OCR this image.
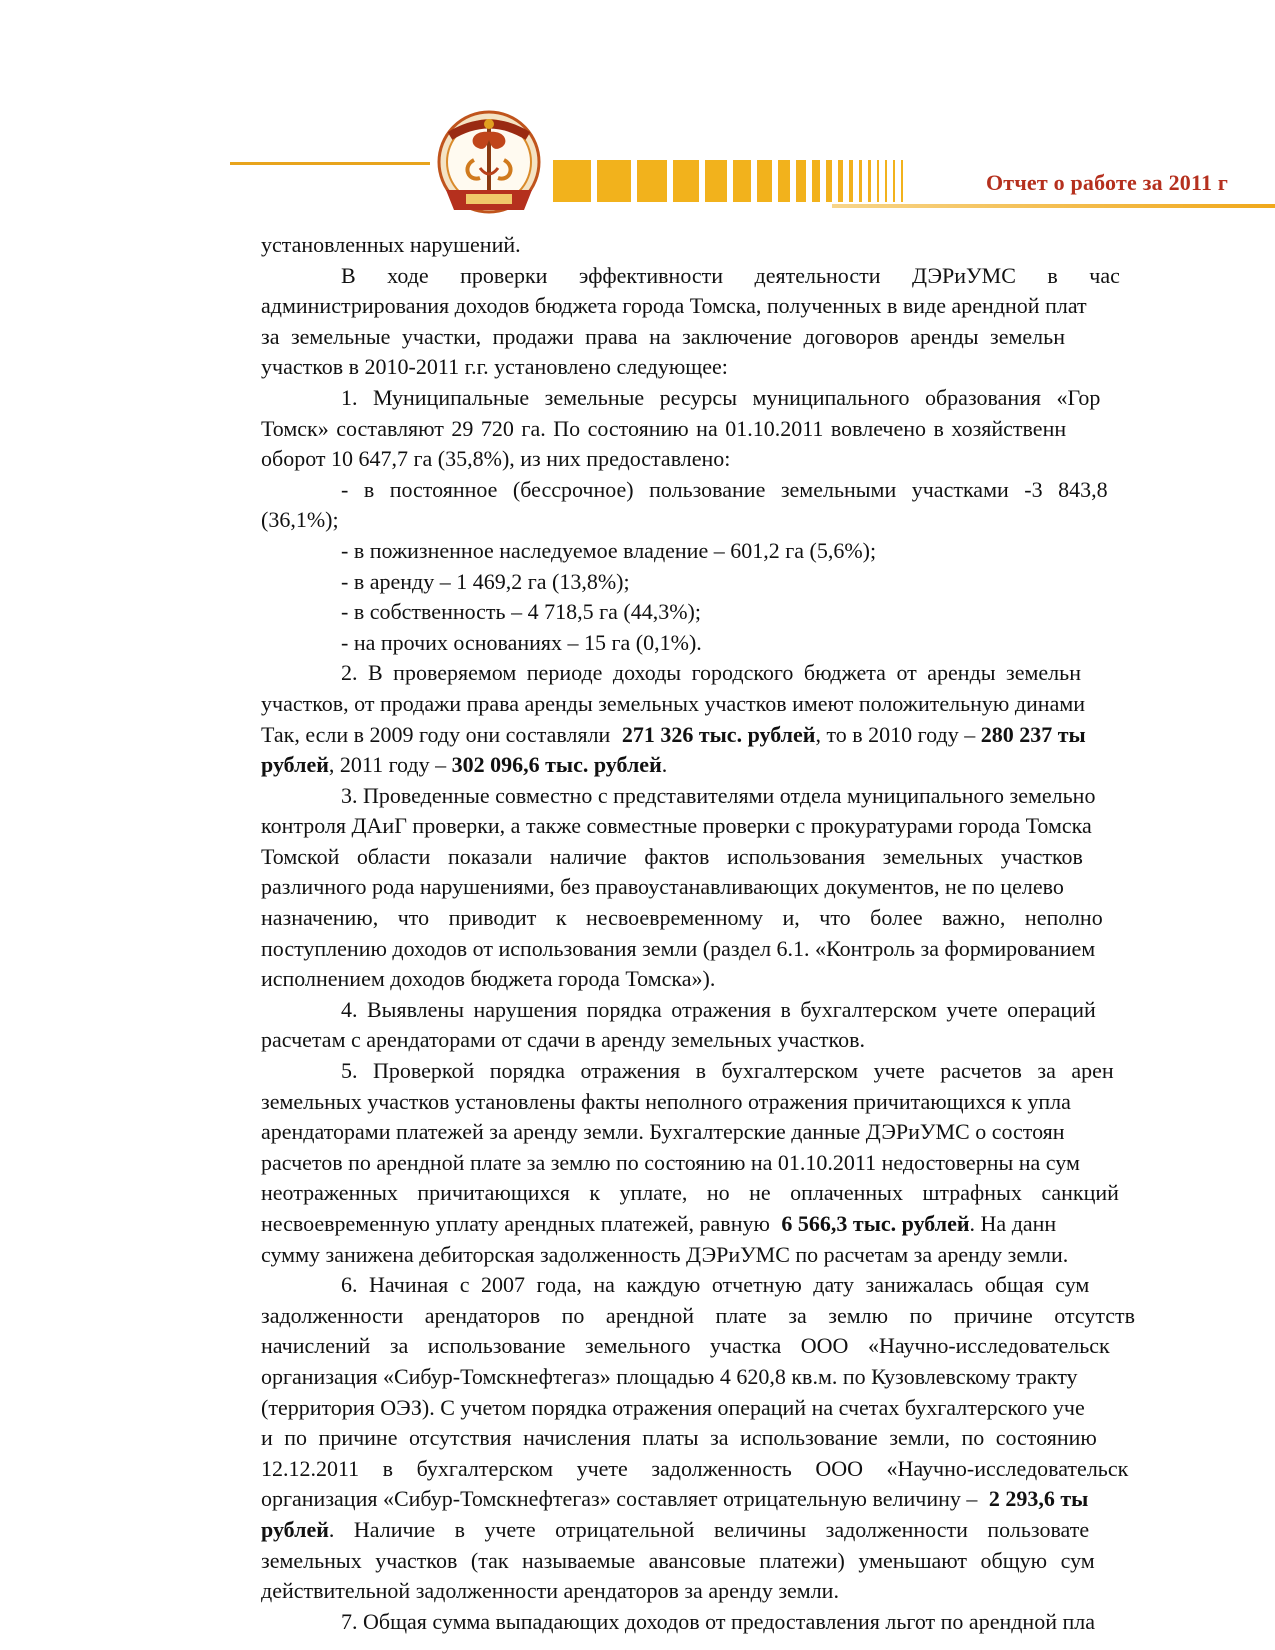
Отчет о работе за 2011 г
установленных нарушений.
В ходе проверки эффективности деятельности ДЭРиУМС в час
администрирования доходов бюджета города Томска, полученных в виде арендной плат
за земельные участки, продажи права на заключение договоров аренды земельн
участков в 2010-2011 г.г. установлено следующее:
1. Муниципальные земельные ресурсы муниципального образования «Гор
Томск» составляют 29 720 га. По состоянию на 01.10.2011 вовлечено в хозяйственн
оборот 10 647,7 га (35,8%), из них предоставлено:
- в постоянное (бессрочное) пользование земельными участками -3 843,8
(36,1%);
- в пожизненное наследуемое владение – 601,2 га (5,6%);
- в аренду – 1 469,2 га (13,8%);
- в собственность – 4 718,5 га (44,3%);
- на прочих основаниях – 15 га (0,1%).
2. В проверяемом периоде доходы городского бюджета от аренды земельн
участков, от продажи права аренды земельных участков имеют положительную динами
Так, если в 2009 году они составляли 271 326 тыс. рублей, то в 2010 году – 280 237 ты
рублей, 2011 году – 302 096,6 тыс. рублей.
3. Проведенные совместно с представителями отдела муниципального земельно
контроля ДАиГ проверки, а также совместные проверки с прокуратурами города Томска
Томской области показали наличие фактов использования земельных участков
различного рода нарушениями, без правоустанавливающих документов, не по целево
назначению, что приводит к несвоевременному и, что более важно, неполно
поступлению доходов от использования земли (раздел 6.1. «Контроль за формированием
исполнением доходов бюджета города Томска»).
4. Выявлены нарушения порядка отражения в бухгалтерском учете операций
расчетам с арендаторами от сдачи в аренду земельных участков.
5. Проверкой порядка отражения в бухгалтерском учете расчетов за арен
земельных участков установлены факты неполного отражения причитающихся к упла
арендаторами платежей за аренду земли. Бухгалтерские данные ДЭРиУМС о состоян
расчетов по арендной плате за землю по состоянию на 01.10.2011 недостоверны на сум
неотраженных причитающихся к уплате, но не оплаченных штрафных санкций
несвоевременную уплату арендных платежей, равную 6 566,3 тыс. рублей. На данн
сумму занижена дебиторская задолженность ДЭРиУМС по расчетам за аренду земли.
6. Начиная с 2007 года, на каждую отчетную дату занижалась общая сум
задолженности арендаторов по арендной плате за землю по причине отсутств
начислений за использование земельного участка ООО «Научно-исследовательск
организация «Сибур-Томскнефтегаз» площадью 4 620,8 кв.м. по Кузовлевскому тракту
(территория ОЭЗ). С учетом порядка отражения операций на счетах бухгалтерского уче
и по причине отсутствия начисления платы за использование земли, по состоянию
12.12.2011 в бухгалтерском учете задолженность ООО «Научно-исследовательск
организация «Сибур-Томскнефтегаз» составляет отрицательную величину – 2 293,6 ты
рублей. Наличие в учете отрицательной величины задолженности пользовате
земельных участков (так называемые авансовые платежи) уменьшают общую сум
действительной задолженности арендаторов за аренду земли.
7. Общая сумма выпадающих доходов от предоставления льгот по арендной пла
